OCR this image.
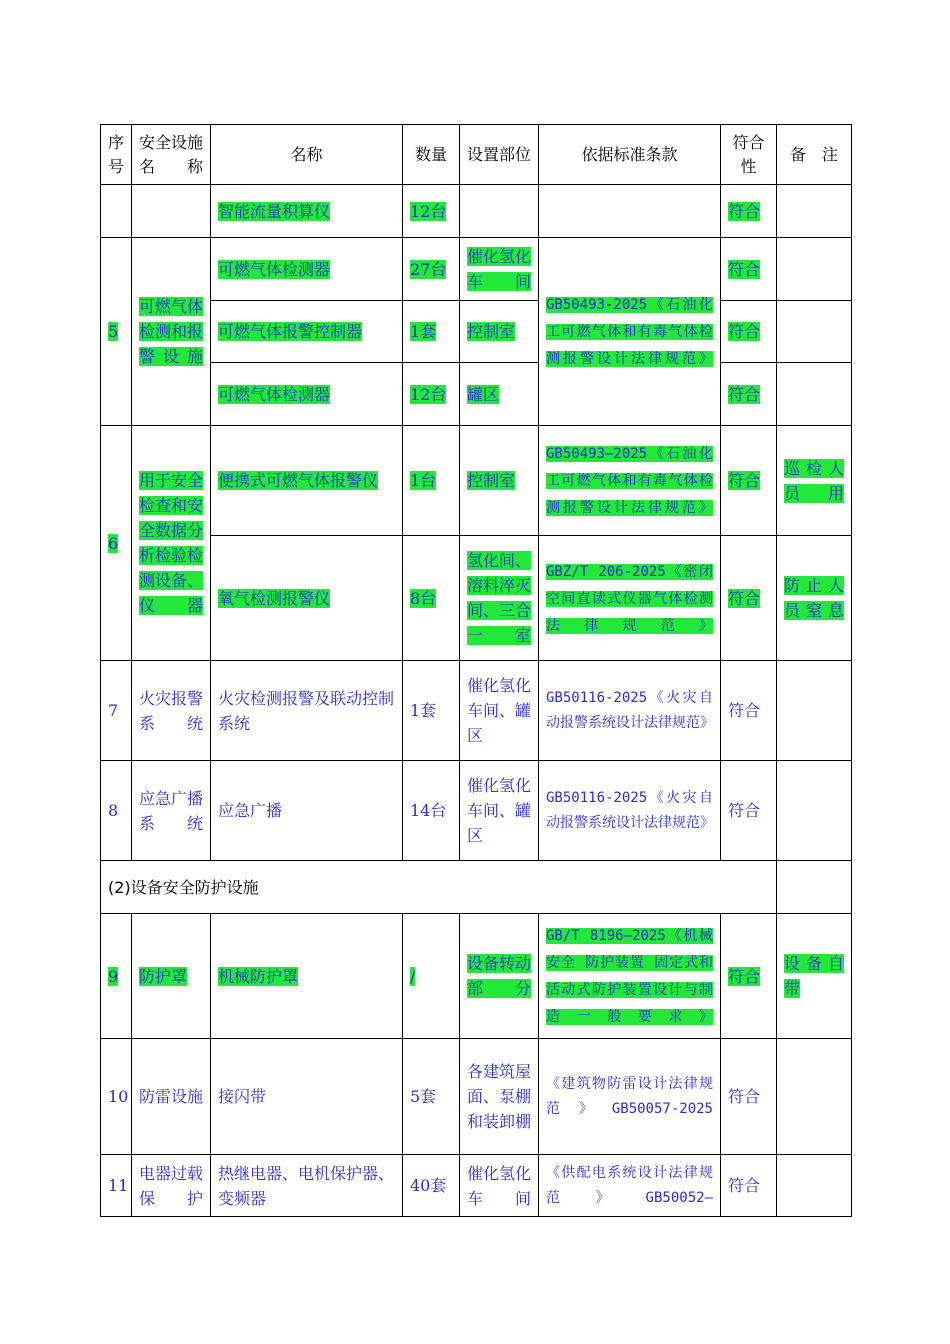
序号	安全设施名称	名称	数量	设置部位	依据标准条款	符合性	备　注
		智能流量积算仪	12台			符合	
5	可燃气体检测和报警设施	可燃气体检测器	27台	催化氢化车间	GB50493-2025《石油化工可燃气体和有毒气体检测报警设计法律规范》	符合	
		可燃气体报警控制器	1套	控制室		符合	
		可燃气体检测器	12台	罐区		符合	
6	用于安全检查和安全数据分析检验检测设备、仪器	便携式可燃气体报警仪	1台	控制室	GB50493—2025《石油化工可燃气体和有毒气体检测报警设计法律规范》	符合	巡检人员用
		氧气检测报警仪	8台	氢化间、溶料淬灭间、三合一室	GBZ/T 206-2025《密闭空间直读式仪器气体检测法律规范》	符合	防止人员窒息
7	火灾报警系统	火灾检测报警及联动控制系统	1套	催化氢化车间、罐区	GB50116-2025《火灾自动报警系统设计法律规范》	符合	
8	应急广播系统	应急广播	14台	催化氢化车间、罐区	GB50116-2025《火灾自动报警系统设计法律规范》	符合	
(2)设备安全防护设施							
9	防护罩	机械防护罩	/	设备转动部分	GB/T 8196—2025《机械安全 防护装置 固定式和活动式防护装置设计与制造一般要求》	符合	设备自带
10	防雷设施	接闪带	5套	各建筑屋面、泵棚和装卸棚	《建筑物防雷设计法律规范》GB50057-2025	符合	
11	电器过载保护	热继电器、电机保护器、变频器	40套	催化氢化车间	《供配电系统设计法律规范》GB50052—	符合	
